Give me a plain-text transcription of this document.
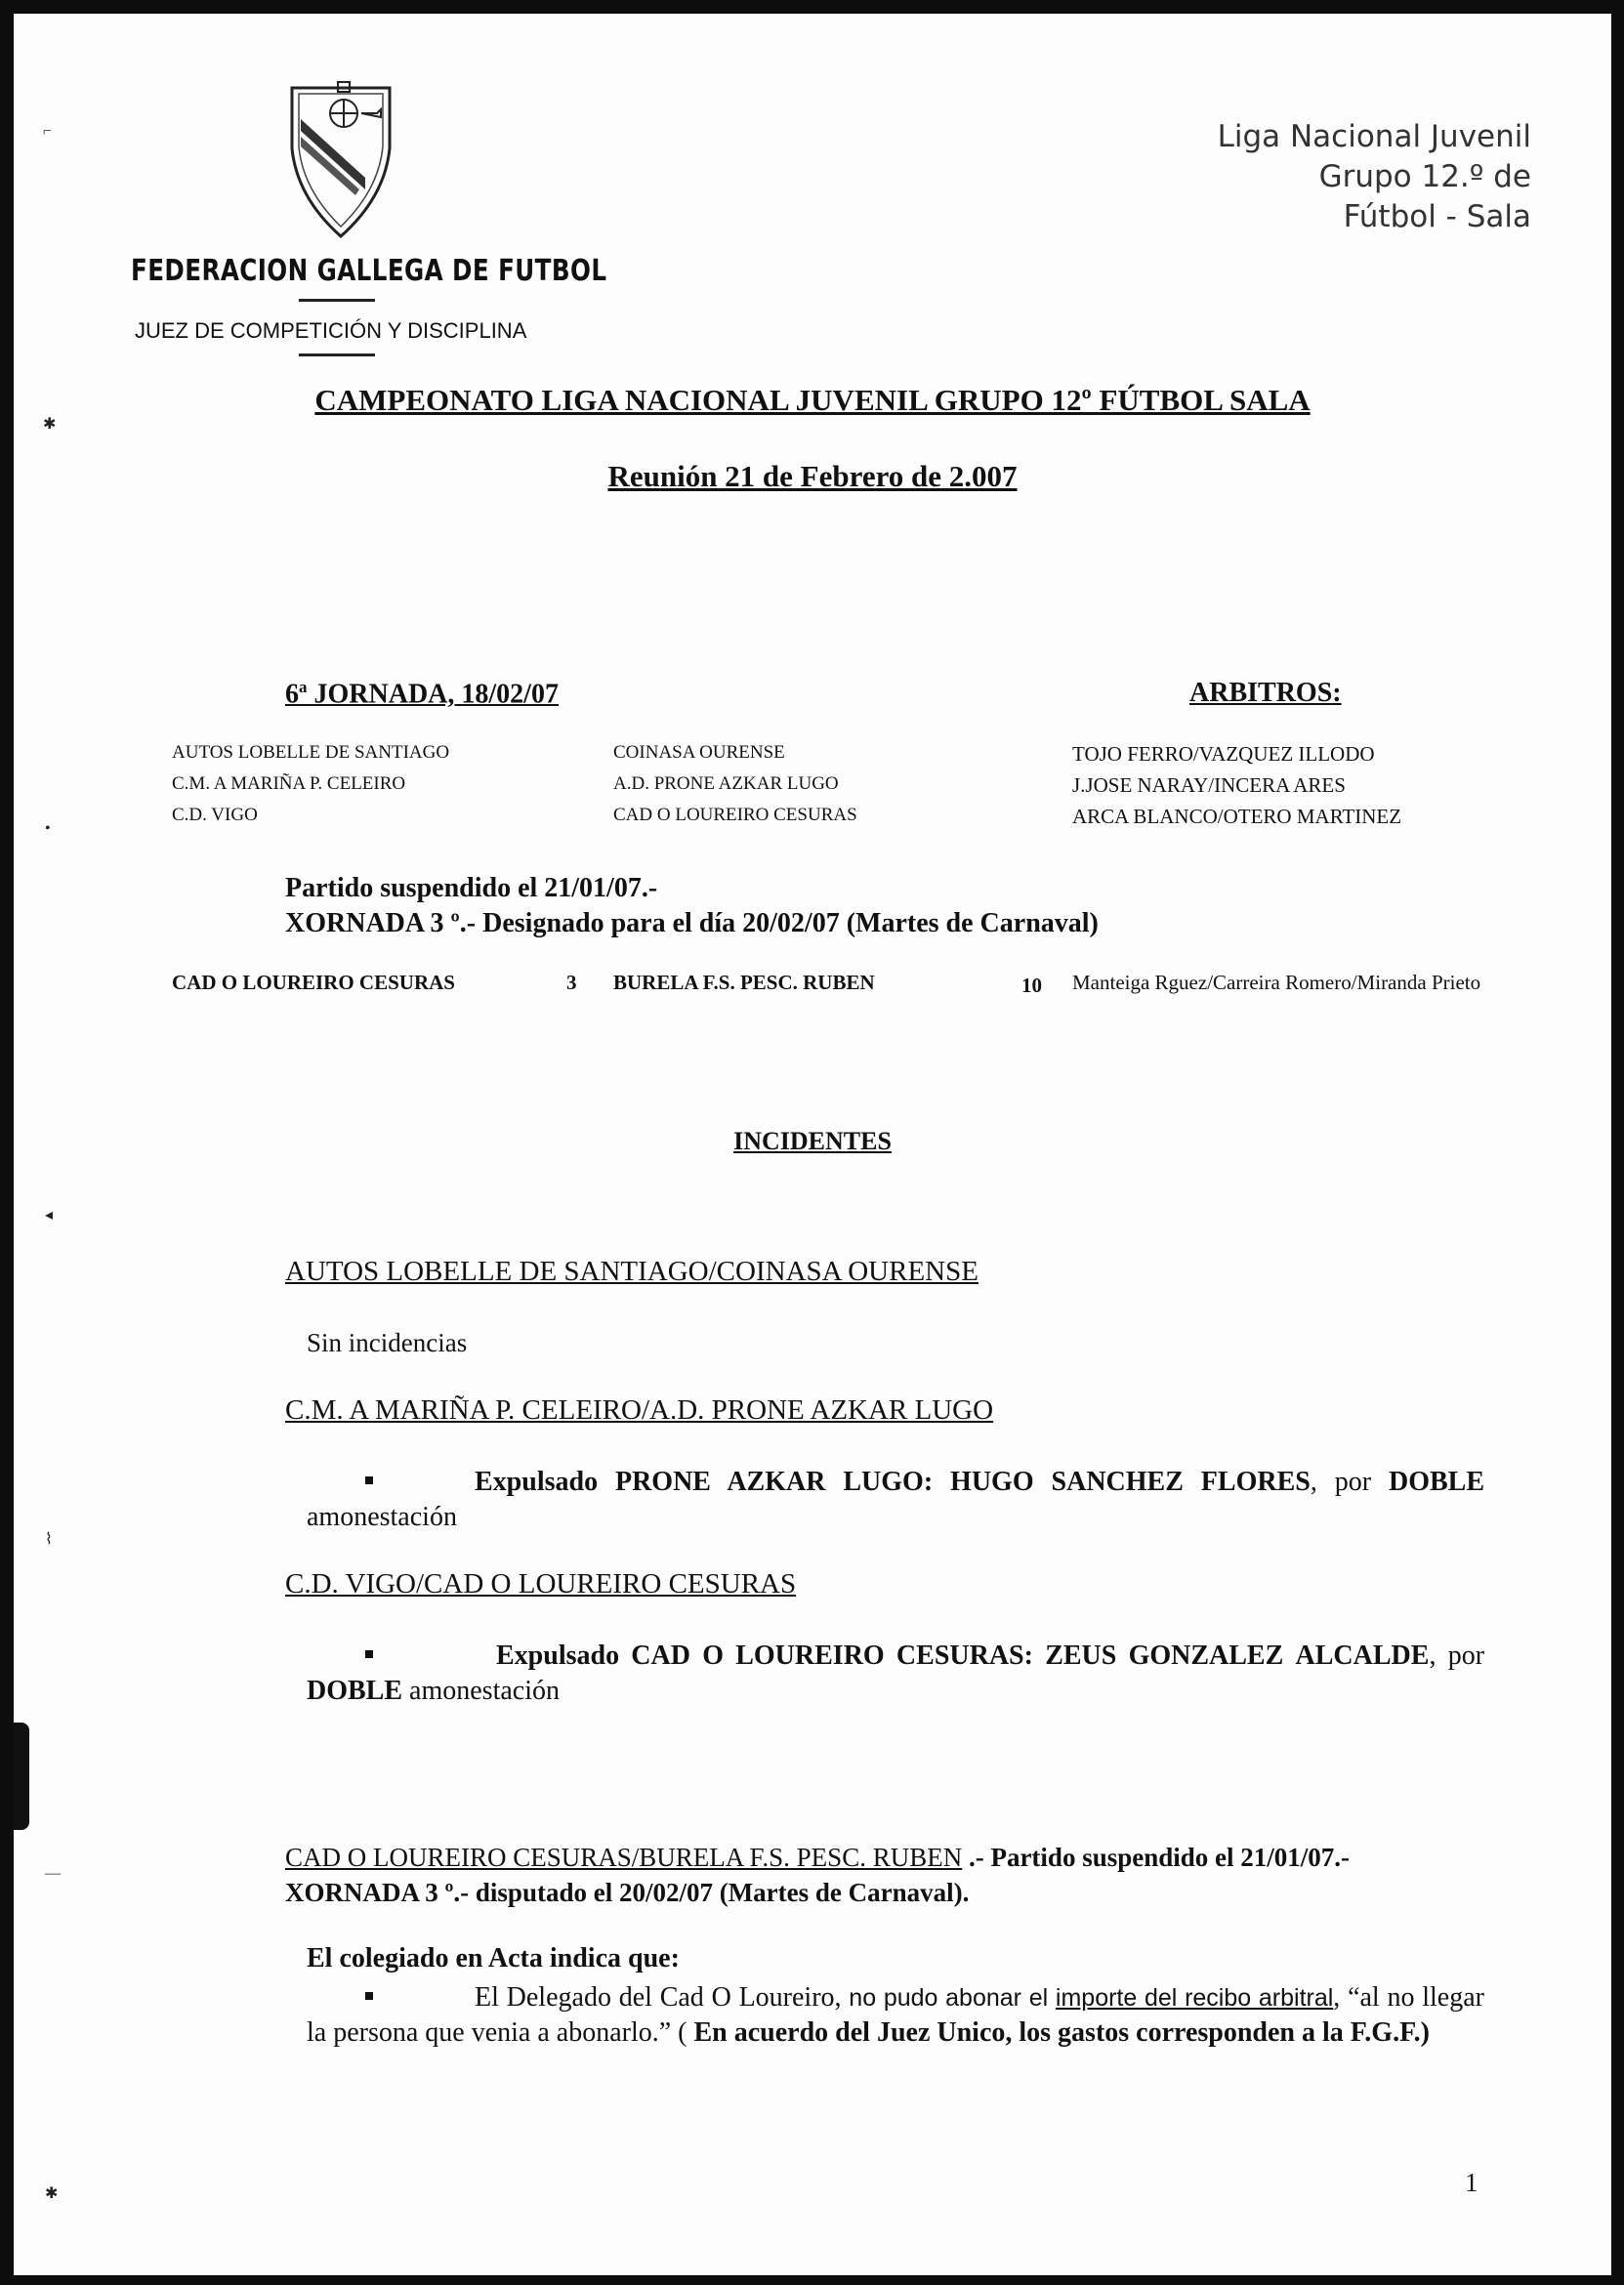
FEDERACION GALLEGA DE FUTBOL
JUEZ DE COMPETICIÓN Y DISCIPLINA
Liga Nacional Juvenil
Grupo 12.º de
Fútbol - Sala
CAMPEONATO LIGA NACIONAL JUVENIL GRUPO 12º FÚTBOL SALA
Reunión 21 de Febrero de 2.007
6$^a$ JORNADA, 18/02/07	ARBITROS:
AUTOS LOBELLE DE SANTIAGO	COINASA OURENSE	TOJO FERRO/VAZQUEZ ILLODO
C.M. A MARIÑA P. CELEIRO	A.D. PRONE AZKAR LUGO	J.JOSE NARAY/INCERA ARES
C.D. VIGO	CAD O LOUREIRO CESURAS	ARCA BLANCO/OTERO MARTINEZ
Partido suspendido el 21/01/07.-
XORNADA 3 º.- Designado para el día 20/02/07 (Martes de Carnaval)
CAD O LOUREIRO CESURAS	3 BURELA F.S. PESC. RUBEN	10 Manteiga Rguez/Carreira Romero/Miranda Prieto
INCIDENTES
AUTOS LOBELLE DE SANTIAGO/COINASA OURENSE
Sin incidencias
C.M. A MARIÑA P. CELEIRO/A.D. PRONE AZKAR LUGO
Expulsado PRONE AZKAR LUGO: HUGO SANCHEZ FLORES, por DOBLE amonestación
C.D. VIGO/CAD O LOUREIRO CESURAS
Expulsado CAD O LOUREIRO CESURAS: ZEUS GONZALEZ ALCALDE, por DOBLE amonestación
CAD O LOUREIRO CESURAS/BURELA F.S. PESC. RUBEN .- Partido suspendido el 21/01/07.-
XORNADA 3 º.- disputado el 20/02/07 (Martes de Carnaval).
El colegiado en Acta indica que:
El Delegado del Cad O Loureiro, no pudo abonar el importe del recibo arbitral, “al no llegar la persona que venia a abonarlo.” ( En acuerdo del Juez Unico, los gastos corresponden a la F.G.F.)
1
⌐
✱
•
◂
⌇
―
✱
